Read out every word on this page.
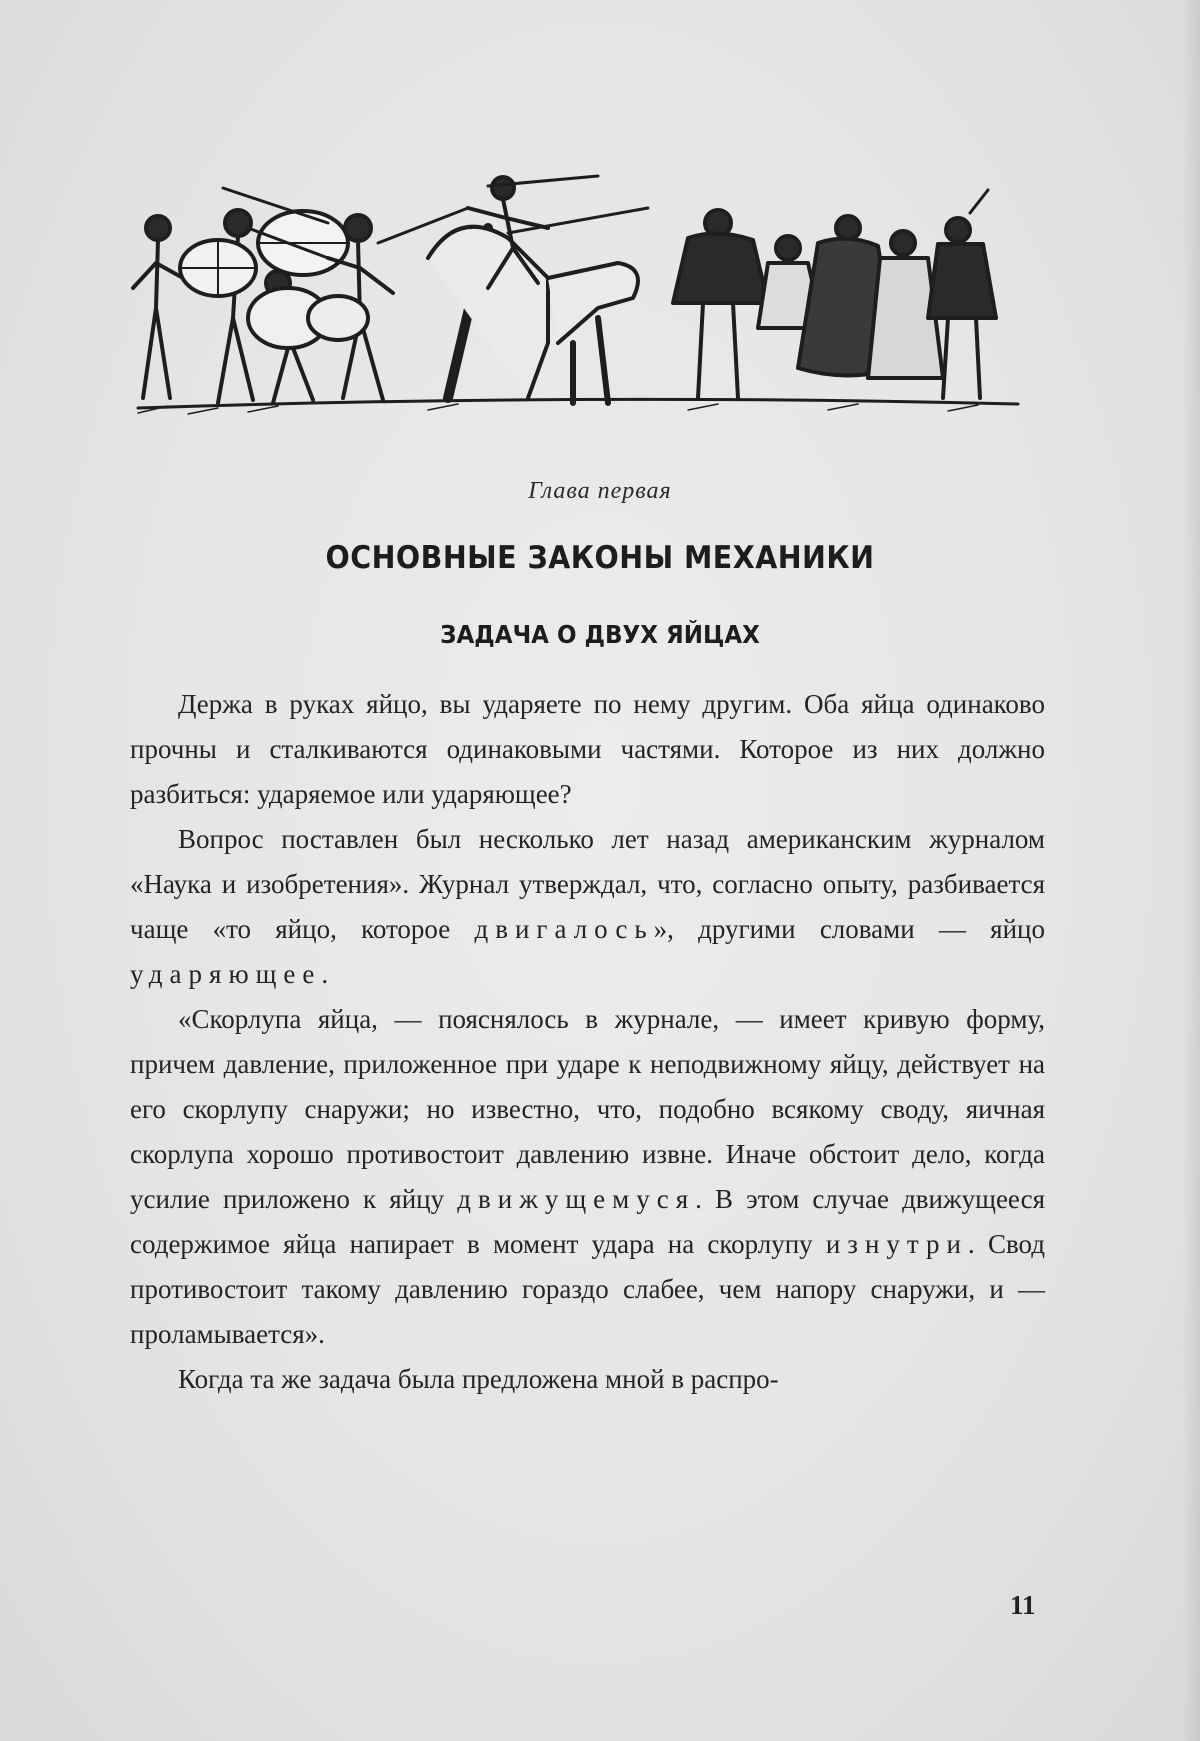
Глава первая
ОСНОВНЫЕ ЗАКОНЫ МЕХАНИКИ
ЗАДАЧА О ДВУХ ЯЙЦАХ

Держа в руках яйцо, вы ударяете по нему другим. Оба яйца одинаково прочны и сталкиваются одинаковыми частями. Которое из них должно разбиться: ударяемое или ударяющее?

Вопрос поставлен был несколько лет назад американским журналом «Наука и изобретения». Журнал утверждал, что, согласно опыту, разбивается чаще «то яйцо, которое двигалось», другими словами — яйцо ударяющее.

«Скорлупа яйца, — пояснялось в журнале, — имеет кривую форму, причем давление, приложенное при ударе к неподвижному яйцу, действует на его скорлупу снаружи; но известно, что, подобно всякому своду, яичная скорлупа хорошо противостоит давлению извне. Иначе обстоит дело, когда усилие приложено к яйцу движущемуся. В этом случае движущееся содержимое яйца напирает в момент удара на скорлупу изнутри. Свод противостоит такому давлению гораздо слабее, чем напору снаружи, и — проламывается».

Когда та же задача была предложена мной в распро-

11
